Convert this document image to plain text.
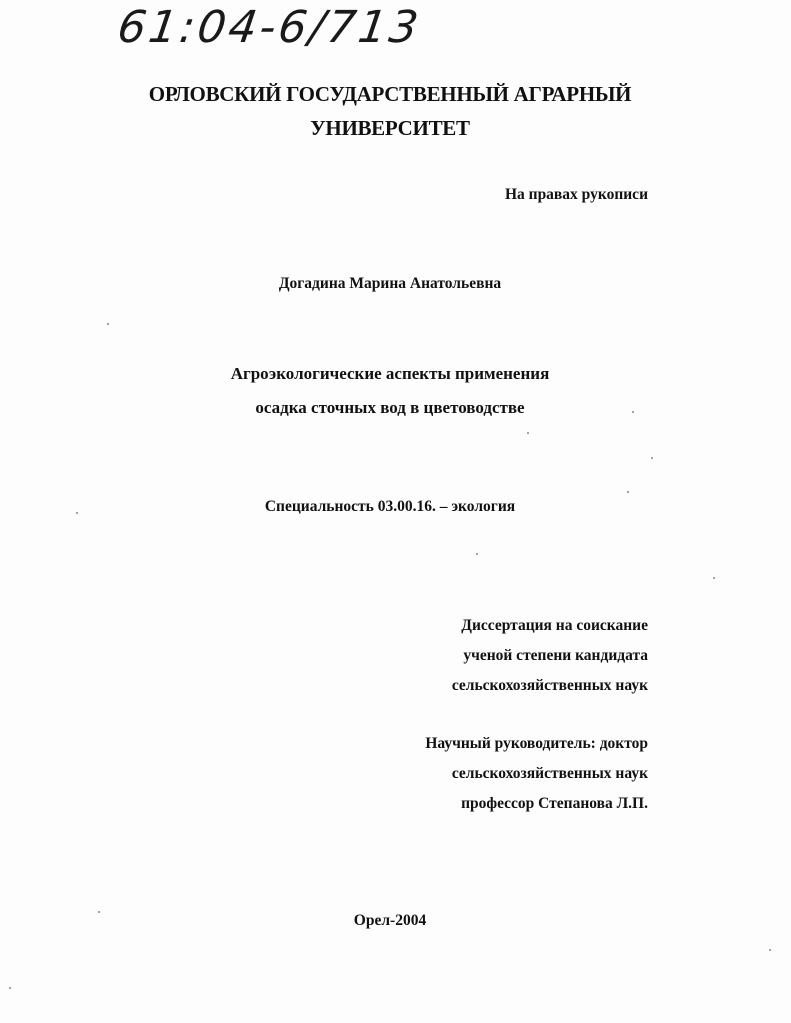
61:04-6/713
ОРЛОВСКИЙ ГОСУДАРСТВЕННЫЙ АГРАРНЫЙ
УНИВЕРСИТЕТ
На правах рукописи
Догадина Марина Анатольевна
Агроэкологические аспекты применения
осадка сточных вод в цветоводстве
Специальность 03.00.16. – экология
Диссертация на соискание
ученой степени кандидата
сельскохозяйственных наук
Научный руководитель: доктор
сельскохозяйственных наук
профессор Степанова Л.П.
Орел-2004
